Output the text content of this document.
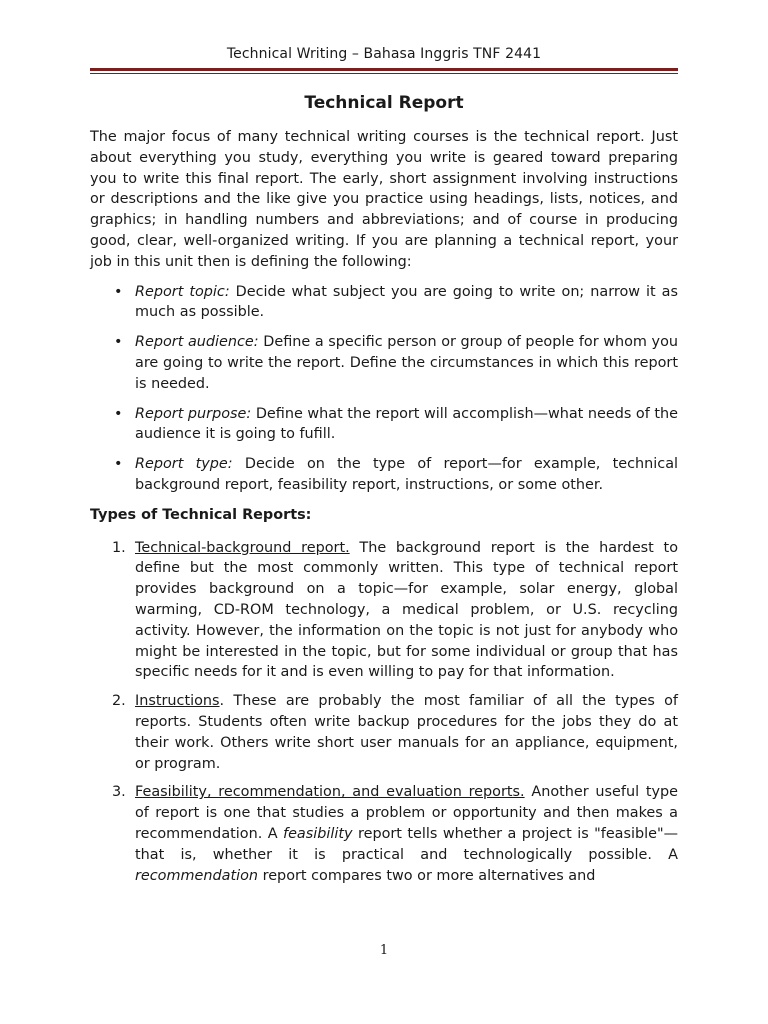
Technical Writing – Bahasa Inggris TNF 2441
Technical Report

The major focus of many technical writing courses is the technical report. Just about everything you study, everything you write is geared toward preparing you to write this final report. The early, short assignment involving instructions or descriptions and the like give you practice using headings, lists, notices, and graphics; in handling numbers and abbreviations; and of course in producing good, clear, well-organized writing. If you are planning a technical report, your job in this unit then is defining the following:

• Report topic: Decide what subject you are going to write on; narrow it as much as possible.
• Report audience: Define a specific person or group of people for whom you are going to write the report. Define the circumstances in which this report is needed.
• Report purpose: Define what the report will accomplish—what needs of the audience it is going to fufill.
• Report type: Decide on the type of report—for example, technical background report, feasibility report, instructions, or some other.
Types of Technical Reports:
1. Technical-background report. The background report is the hardest to define but the most commonly written. This type of technical report provides background on a topic—for example, solar energy, global warming, CD-ROM technology, a medical problem, or U.S. recycling activity. However, the information on the topic is not just for anybody who might be interested in the topic, but for some individual or group that has specific needs for it and is even willing to pay for that information.
2. Instructions. These are probably the most familiar of all the types of reports. Students often write backup procedures for the jobs they do at their work. Others write short user manuals for an appliance, equipment, or program.
3. Feasibility, recommendation, and evaluation reports. Another useful type of report is one that studies a problem or opportunity and then makes a recommendation. A feasibility report tells whether a project is "feasible"—that is, whether it is practical and technologically possible. A recommendation report compares two or more alternatives and
1
